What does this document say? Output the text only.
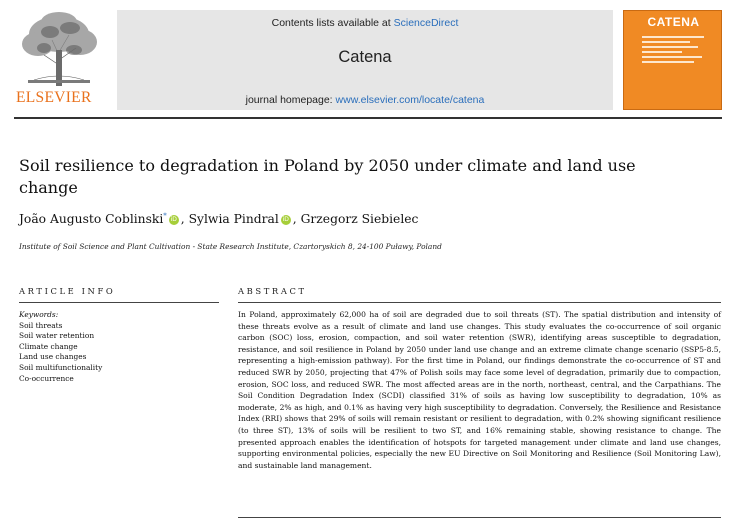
ELSEVIER
Contents lists available at ScienceDirect
Catena
journal homepage: www.elsevier.com/locate/catena
CATENA
Soil resilience to degradation in Poland by 2050 under climate and land use change
João Augusto Coblinski* iD , Sylwia Pindral iD , Grzegorz Siebielec
Institute of Soil Science and Plant Cultivation - State Research Institute, Czartoryskich 8, 24-100 Puławy, Poland
ARTICLE INFO	ABSTRACT
Keywords:
Soil threats
Soil water retention
Climate change
Land use changes
Soil multifunctionality
Co-occurrence

In Poland, approximately 62,000 ha of soil are degraded due to soil threats (ST). The spatial distribution and intensity of these threats evolve as a result of climate and land use changes. This study evaluates the co-occurrence of soil organic carbon (SOC) loss, erosion, compaction, and soil water retention (SWR), identifying areas susceptible to degradation, resistance, and soil resilience in Poland by 2050 under land use change and an extreme climate change scenario (SSP5-8.5, representing a high-emission pathway). For the first time in Poland, our findings demonstrate the co-occurrence of ST and reduced SWR by 2050, projecting that 47% of Polish soils may face some level of degradation, primarily due to compaction, erosion, SOC loss, and reduced SWR. The most affected areas are in the north, northeast, central, and the Carpathians. The Soil Condition Degradation Index (SCDI) classified 31% of soils as having low susceptibility to degradation, 10% as moderate, 2% as high, and 0.1% as having very high susceptibility to degradation. Conversely, the Resilience and Resistance Index (RRI) shows that 29% of soils will remain resistant or resilient to degradation, with 0.2% showing significant resilience (to three ST), 13% of soils will be resilient to two ST, and 16% remaining stable, showing resistance to change. The presented approach enables the identification of hotspots for targeted management under climate and land use changes, supporting environmental policies, especially the new EU Directive on Soil Monitoring and Resilience (Soil Monitoring Law), and sustainable land management.
